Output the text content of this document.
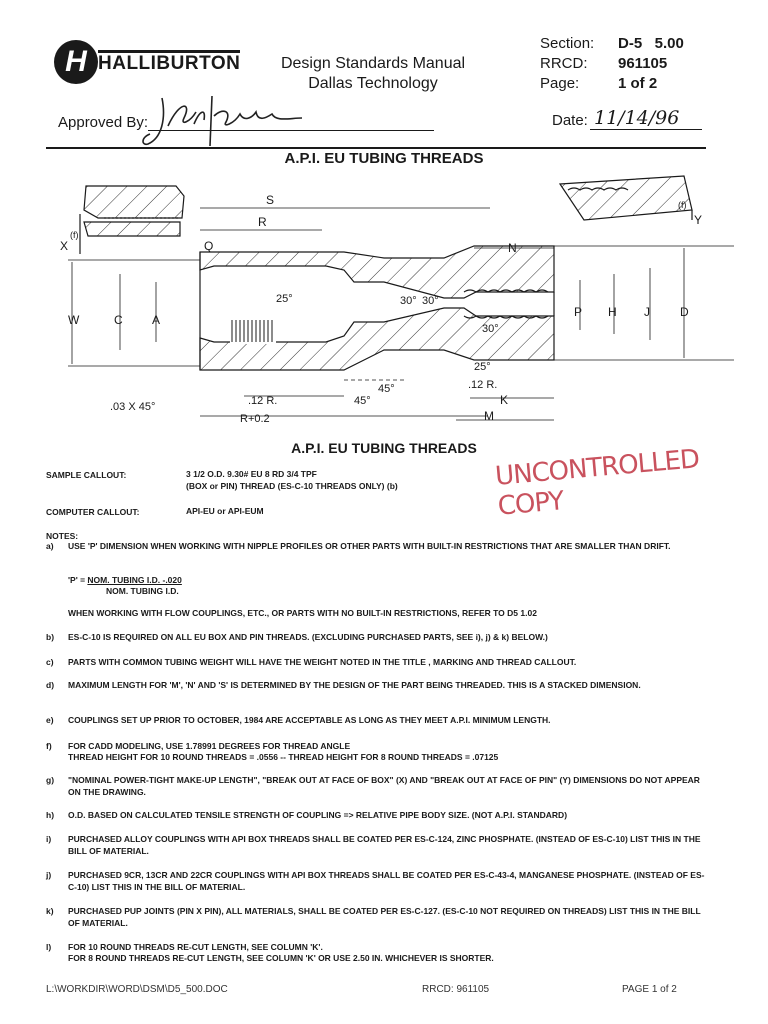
H HALLIBURTON	Design Standards Manual
Dallas Technology
Section:	D-5   5.00
RRCD:	961105
Page:	1 of 2
Approved By:	Date: 11/14/96
A.P.I. EU TUBING THREADS
S
R
Q	N
X
(f)
(f)
Y
W	C A
P H J	D
25°	30° 30°
30°
25°
.03 X 45°	.12 R.
.12 R.
R+0.2
45°
45°
K
M
A.P.I. EU TUBING THREADS UNCONTROLLED COPY
SAMPLE CALLOUT:	3 1/2 O.D. 9.30# EU 8 RD 3/4 TPF
(BOX or PIN) THREAD (ES-C-10 THREADS ONLY) (b)
COMPUTER CALLOUT:	API-EU or API-EUM
NOTES:
a)	USE 'P' DIMENSION WHEN WORKING WITH NIPPLE PROFILES OR OTHER PARTS WITH BUILT-IN RESTRICTIONS THAT ARE SMALLER THAN DRIFT.
'P' = NOM. TUBING I.D. -.020
NOM. TUBING I.D.
WHEN WORKING WITH FLOW COUPLINGS, ETC., OR PARTS WITH NO BUILT-IN RESTRICTIONS, REFER TO D5 1.02
b)	ES-C-10 IS REQUIRED ON ALL EU BOX AND PIN THREADS. (EXCLUDING PURCHASED PARTS, SEE i), j) & k) BELOW.)
c)	PARTS WITH COMMON TUBING WEIGHT WILL HAVE THE WEIGHT NOTED IN THE TITLE , MARKING AND THREAD CALLOUT.
d)	MAXIMUM LENGTH FOR 'M', 'N' AND 'S' IS DETERMINED BY THE DESIGN OF THE PART BEING THREADED. THIS IS A STACKED DIMENSION.
e)	COUPLINGS SET UP PRIOR TO OCTOBER, 1984 ARE ACCEPTABLE AS LONG AS THEY MEET A.P.I. MINIMUM LENGTH.
f)	FOR CADD MODELING, USE 1.78991 DEGREES FOR THREAD ANGLE
THREAD HEIGHT FOR 10 ROUND THREADS = .0556 -- THREAD HEIGHT FOR 8 ROUND THREADS = .07125
g)	"NOMINAL POWER-TIGHT MAKE-UP LENGTH", "BREAK OUT AT FACE OF BOX" (X) AND "BREAK OUT AT FACE OF PIN" (Y) DIMENSIONS DO NOT APPEAR ON THE DRAWING.
h)	O.D. BASED ON CALCULATED TENSILE STRENGTH OF COUPLING => RELATIVE PIPE BODY SIZE. (NOT A.P.I. STANDARD)
i)	PURCHASED ALLOY COUPLINGS WITH API BOX THREADS SHALL BE COATED PER ES-C-124, ZINC PHOSPHATE. (INSTEAD OF ES-C-10) LIST THIS IN THE BILL OF MATERIAL.
j)	PURCHASED 9CR, 13CR AND 22CR COUPLINGS WITH API BOX THREADS SHALL BE COATED PER ES-C-43-4, MANGANESE PHOSPHATE. (INSTEAD OF ES-C-10) LIST THIS IN THE BILL OF MATERIAL.
k)	PURCHASED PUP JOINTS (PIN X PIN), ALL MATERIALS, SHALL BE COATED PER ES-C-127. (ES-C-10 NOT REQUIRED ON THREADS) LIST THIS IN THE BILL OF MATERIAL.
l)	FOR 10 ROUND THREADS RE-CUT LENGTH, SEE COLUMN 'K'.
FOR 8 ROUND THREADS RE-CUT LENGTH, SEE COLUMN 'K' OR USE 2.50 IN. WHICHEVER IS SHORTER.
L:\WORKDIR\WORD\DSM\D5_500.DOC	RRCD: 961105	PAGE 1 of 2
